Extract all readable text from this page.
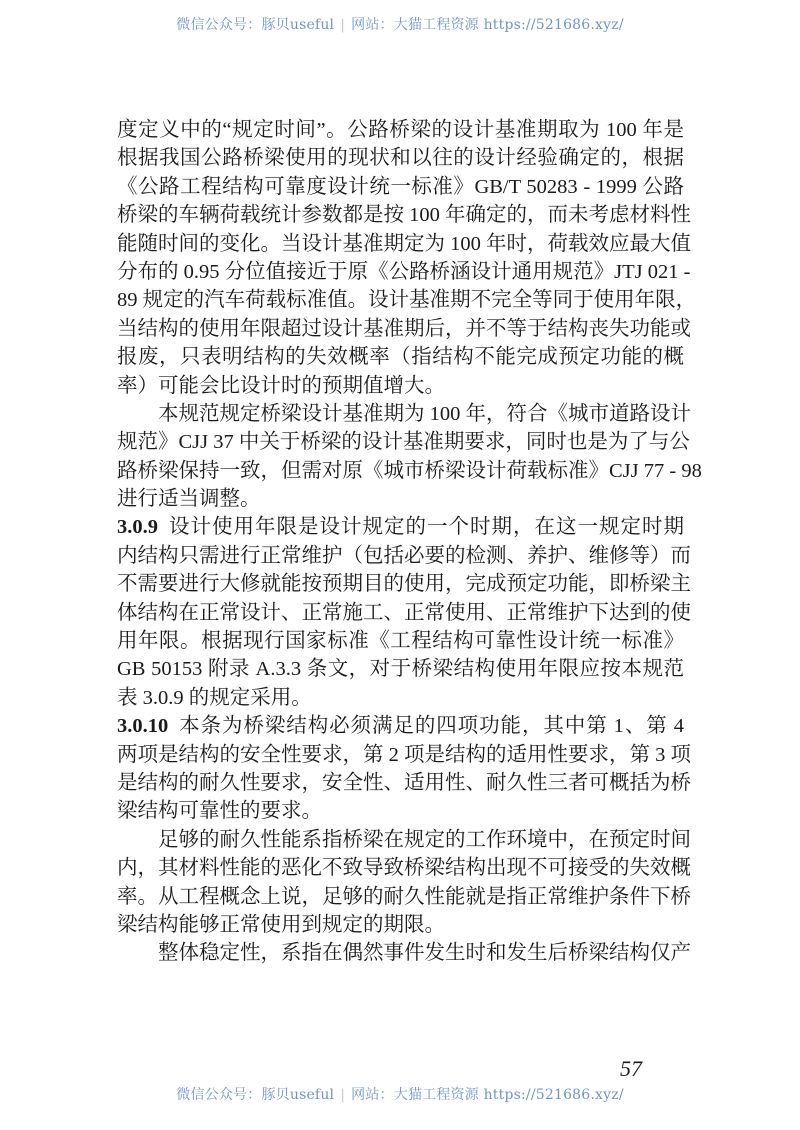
微信公众号：豚贝useful | 网站：大猫工程资源 https://521686.xyz/
度定义中的“规定时间”。公路桥梁的设计基准期取为 100 年是
根据我国公路桥梁使用的现状和以往的设计经验确定的，根据
《公路工程结构可靠度设计统一标准》GB/T 50283 - 1999 公路
桥梁的车辆荷载统计参数都是按 100 年确定的，而未考虑材料性
能随时间的变化。当设计基准期定为 100 年时，荷载效应最大值
分布的 0.95 分位值接近于原《公路桥涵设计通用规范》JTJ 021 -
89 规定的汽车荷载标准值。设计基准期不完全等同于使用年限，
当结构的使用年限超过设计基准期后，并不等于结构丧失功能或
报废，只表明结构的失效概率（指结构不能完成预定功能的概
率）可能会比设计时的预期值增大。
本规范规定桥梁设计基准期为 100 年，符合《城市道路设计
规范》CJJ 37 中关于桥梁的设计基准期要求，同时也是为了与公
路桥梁保持一致，但需对原《城市桥梁设计荷载标准》CJJ 77 - 98
进行适当调整。
3.0.9 设计使用年限是设计规定的一个时期，在这一规定时期
内结构只需进行正常维护（包括必要的检测、养护、维修等）而
不需要进行大修就能按预期目的使用，完成预定功能，即桥梁主
体结构在正常设计、正常施工、正常使用、正常维护下达到的使
用年限。根据现行国家标准《工程结构可靠性设计统一标准》
GB 50153 附录 A.3.3 条文，对于桥梁结构使用年限应按本规范
表 3.0.9 的规定采用。
3.0.10 本条为桥梁结构必须满足的四项功能，其中第 1、第 4
两项是结构的安全性要求，第 2 项是结构的适用性要求，第 3 项
是结构的耐久性要求，安全性、适用性、耐久性三者可概括为桥
梁结构可靠性的要求。
足够的耐久性能系指桥梁在规定的工作环境中，在预定时间
内，其材料性能的恶化不致导致桥梁结构出现不可接受的失效概
率。从工程概念上说，足够的耐久性能就是指正常维护条件下桥
梁结构能够正常使用到规定的期限。
整体稳定性，系指在偶然事件发生时和发生后桥梁结构仅产
57
微信公众号：豚贝useful | 网站：大猫工程资源 https://521686.xyz/
